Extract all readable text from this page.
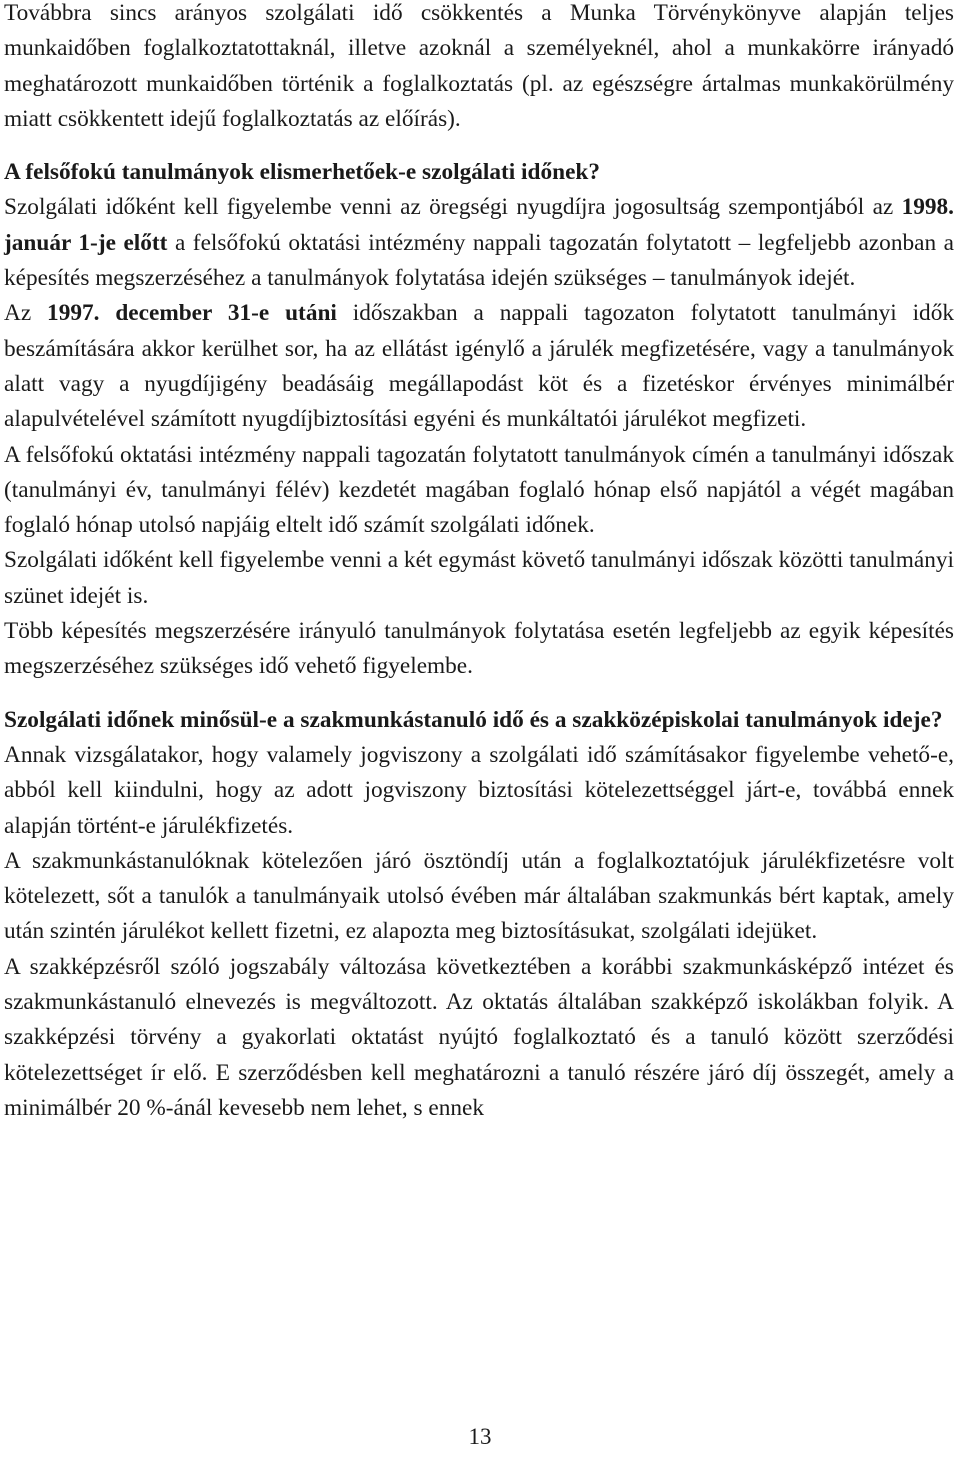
Továbbra sincs arányos szolgálati idő csökkentés a Munka Törvénykönyve alapján teljes munkaidőben foglalkoztatottaknál, illetve azoknál a személyeknél, ahol a munkakörre irányadó meghatározott munkaidőben történik a foglalkoztatás (pl. az egészségre ártalmas munkakörülmény miatt csökkentett idejű foglalkoztatás az előírás).

A felsőfokú tanulmányok elismerhetőek-e szolgálati időnek?

Szolgálati időként kell figyelembe venni az öregségi nyugdíjra jogosultság szempontjából az 1998. január 1-je előtt a felsőfokú oktatási intézmény nappali tagozatán folytatott – legfeljebb azonban a képesítés megszerzéséhez a tanulmányok folytatása idején szükséges – tanulmányok idejét.

Az 1997. december 31-e utáni időszakban a nappali tagozaton folytatott tanulmányi idők beszámítására akkor kerülhet sor, ha az ellátást igénylő a járulék megfizetésére, vagy a tanulmányok alatt vagy a nyugdíjigény beadásáig megállapodást köt és a fizetéskor érvényes minimálbér alapulvételével számított nyugdíjbiztosítási egyéni és munkáltatói járulékot megfizeti.

A felsőfokú oktatási intézmény nappali tagozatán folytatott tanulmányok címén a tanulmányi időszak (tanulmányi év, tanulmányi félév) kezdetét magában foglaló hónap első napjától a végét magában foglaló hónap utolsó napjáig eltelt idő számít szolgálati időnek.

Szolgálati időként kell figyelembe venni a két egymást követő tanulmányi időszak közötti tanulmányi szünet idejét is.

Több képesítés megszerzésére irányuló tanulmányok folytatása esetén legfeljebb az egyik képesítés megszerzéséhez szükséges idő vehető figyelembe.

Szolgálati időnek minősül-e a szakmunkástanuló idő és a szakközépiskolai tanulmányok ideje?

Annak vizsgálatakor, hogy valamely jogviszony a szolgálati idő számításakor figyelembe vehető-e, abból kell kiindulni, hogy az adott jogviszony biztosítási kötelezettséggel járt-e, továbbá ennek alapján történt-e járulékfizetés.

A szakmunkástanulóknak kötelezően járó ösztöndíj után a foglalkoztatójuk járulékfizetésre volt kötelezett, sőt a tanulók a tanulmányaik utolsó évében már általában szakmunkás bért kaptak, amely után szintén járulékot kellett fizetni, ez alapozta meg biztosításukat, szolgálati idejüket.

A szakképzésről szóló jogszabály változása következtében a korábbi szakmunkásképző intézet és szakmunkástanuló elnevezés is megváltozott. Az oktatás általában szakképző iskolákban folyik. A szakképzési törvény a gyakorlati oktatást nyújtó foglalkoztató és a tanuló között szerződési kötelezettséget ír elő. E szerződésben kell meghatározni a tanuló részére járó díj összegét, amely a minimálbér 20 %-ánál kevesebb nem lehet, s ennek

13
